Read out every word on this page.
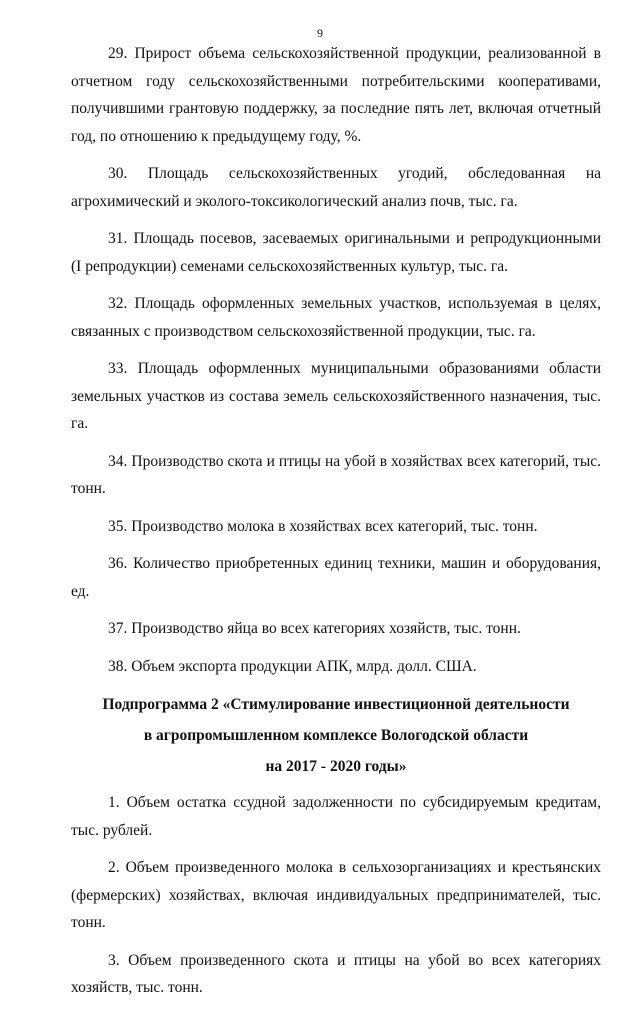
9

29. Прирост объема сельскохозяйственной продукции, реализованной в отчетном году сельскохозяйственными потребительскими кооперативами, получившими грантовую поддержку, за последние пять лет, включая отчетный год, по отношению к предыдущему году, %.

30. Площадь сельскохозяйственных угодий, обследованная на агрохимический и эколого-токсикологический анализ почв, тыс. га.

31. Площадь посевов, засеваемых оригинальными и репродукционными (I репродукции) семенами сельскохозяйственных культур, тыс. га.

32. Площадь оформленных земельных участков, используемая в целях, связанных с производством сельскохозяйственной продукции, тыс. га.

33. Площадь оформленных муниципальными образованиями области земельных участков из состава земель сельскохозяйственного назначения, тыс. га.

34. Производство скота и птицы на убой в хозяйствах всех категорий, тыс. тонн.

35. Производство молока в хозяйствах всех категорий, тыс. тонн.

36. Количество приобретенных единиц техники, машин и оборудования, ед.

37. Производство яйца во всех категориях хозяйств, тыс. тонн.

38. Объем экспорта продукции АПК, млрд. долл. США.

Подпрограмма 2 «Стимулирование инвестиционной деятельности

в агропромышленном комплексе Вологодской области

на 2017 - 2020 годы»

1. Объем остатка ссудной задолженности по субсидируемым кредитам, тыс. рублей.

2. Объем произведенного молока в сельхозорганизациях и крестьянских (фермерских) хозяйствах, включая индивидуальных предпринимателей, тыс. тонн.

3. Объем произведенного скота и птицы на убой во всех категориях хозяйств, тыс. тонн.
